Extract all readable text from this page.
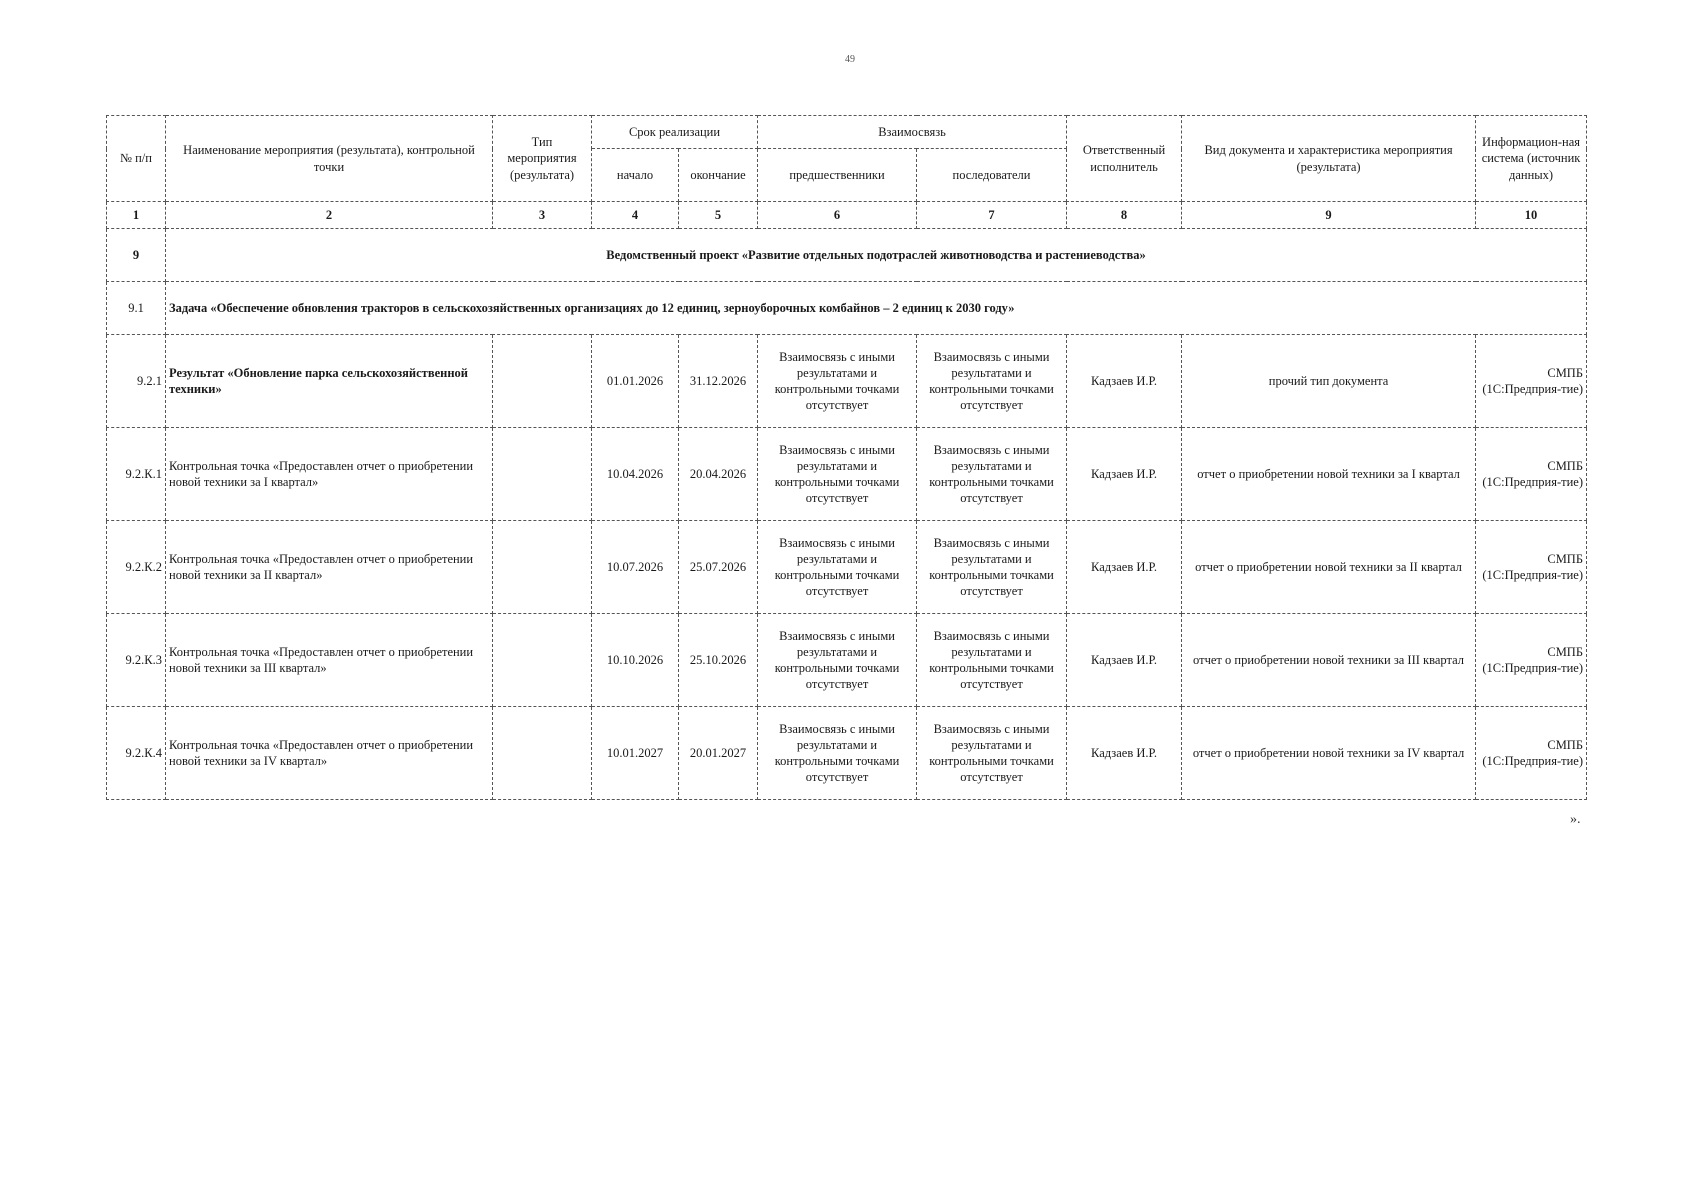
49
№ п/п	Наименование мероприятия (результата), контрольной точки	Тип мероприятия (результата)	Срок реализации		Взаимосвязь		Ответственный исполнитель	Вид документа и характеристика мероприятия (результата)	Информацион-ная система (источник данных)
			начало	окончание	предшественники	последователи			
1	2	3	4	5	6	7	8	9	10
9	Ведомственный проект «Развитие отдельных подотраслей животноводства и растениеводства»								
9.1	Задача «Обеспечение обновления тракторов в сельскохозяйственных организациях до 12 единиц, зерноуборочных комбайнов – 2 единиц к 2030 году»								
9.2.1	Результат «Обновление парка сельскохозяйственной техники»		01.01.2026	31.12.2026	Взаимосвязь с иными результатами и контрольными точками отсутствует	Взаимосвязь с иными результатами и контрольными точками отсутствует	Кадзаев И.Р.	прочий тип документа	СМПБ (1С:Предприя-тие)
9.2.К.1	Контрольная точка «Предоставлен отчет о приобретении новой техники за I квартал»		10.04.2026	20.04.2026	Взаимосвязь с иными результатами и контрольными точками отсутствует	Взаимосвязь с иными результатами и контрольными точками отсутствует	Кадзаев И.Р.	отчет о приобретении новой техники за I квартал	СМПБ (1С:Предприя-тие)
9.2.К.2	Контрольная точка «Предоставлен отчет о приобретении новой техники за II квартал»		10.07.2026	25.07.2026	Взаимосвязь с иными результатами и контрольными точками отсутствует	Взаимосвязь с иными результатами и контрольными точками отсутствует	Кадзаев И.Р.	отчет о приобретении новой техники за II квартал	СМПБ (1С:Предприя-тие)
9.2.К.3	Контрольная точка «Предоставлен отчет о приобретении новой техники за III квартал»		10.10.2026	25.10.2026	Взаимосвязь с иными результатами и контрольными точками отсутствует	Взаимосвязь с иными результатами и контрольными точками отсутствует	Кадзаев И.Р.	отчет о приобретении новой техники за III квартал	СМПБ (1С:Предприя-тие)
9.2.К.4	Контрольная точка «Предоставлен отчет о приобретении новой техники за IV квартал»		10.01.2027	20.01.2027	Взаимосвязь с иными результатами и контрольными точками отсутствует	Взаимосвязь с иными результатами и контрольными точками отсутствует	Кадзаев И.Р.	отчет о приобретении новой техники за IV квартал	СМПБ (1С:Предприя-тие)
».
